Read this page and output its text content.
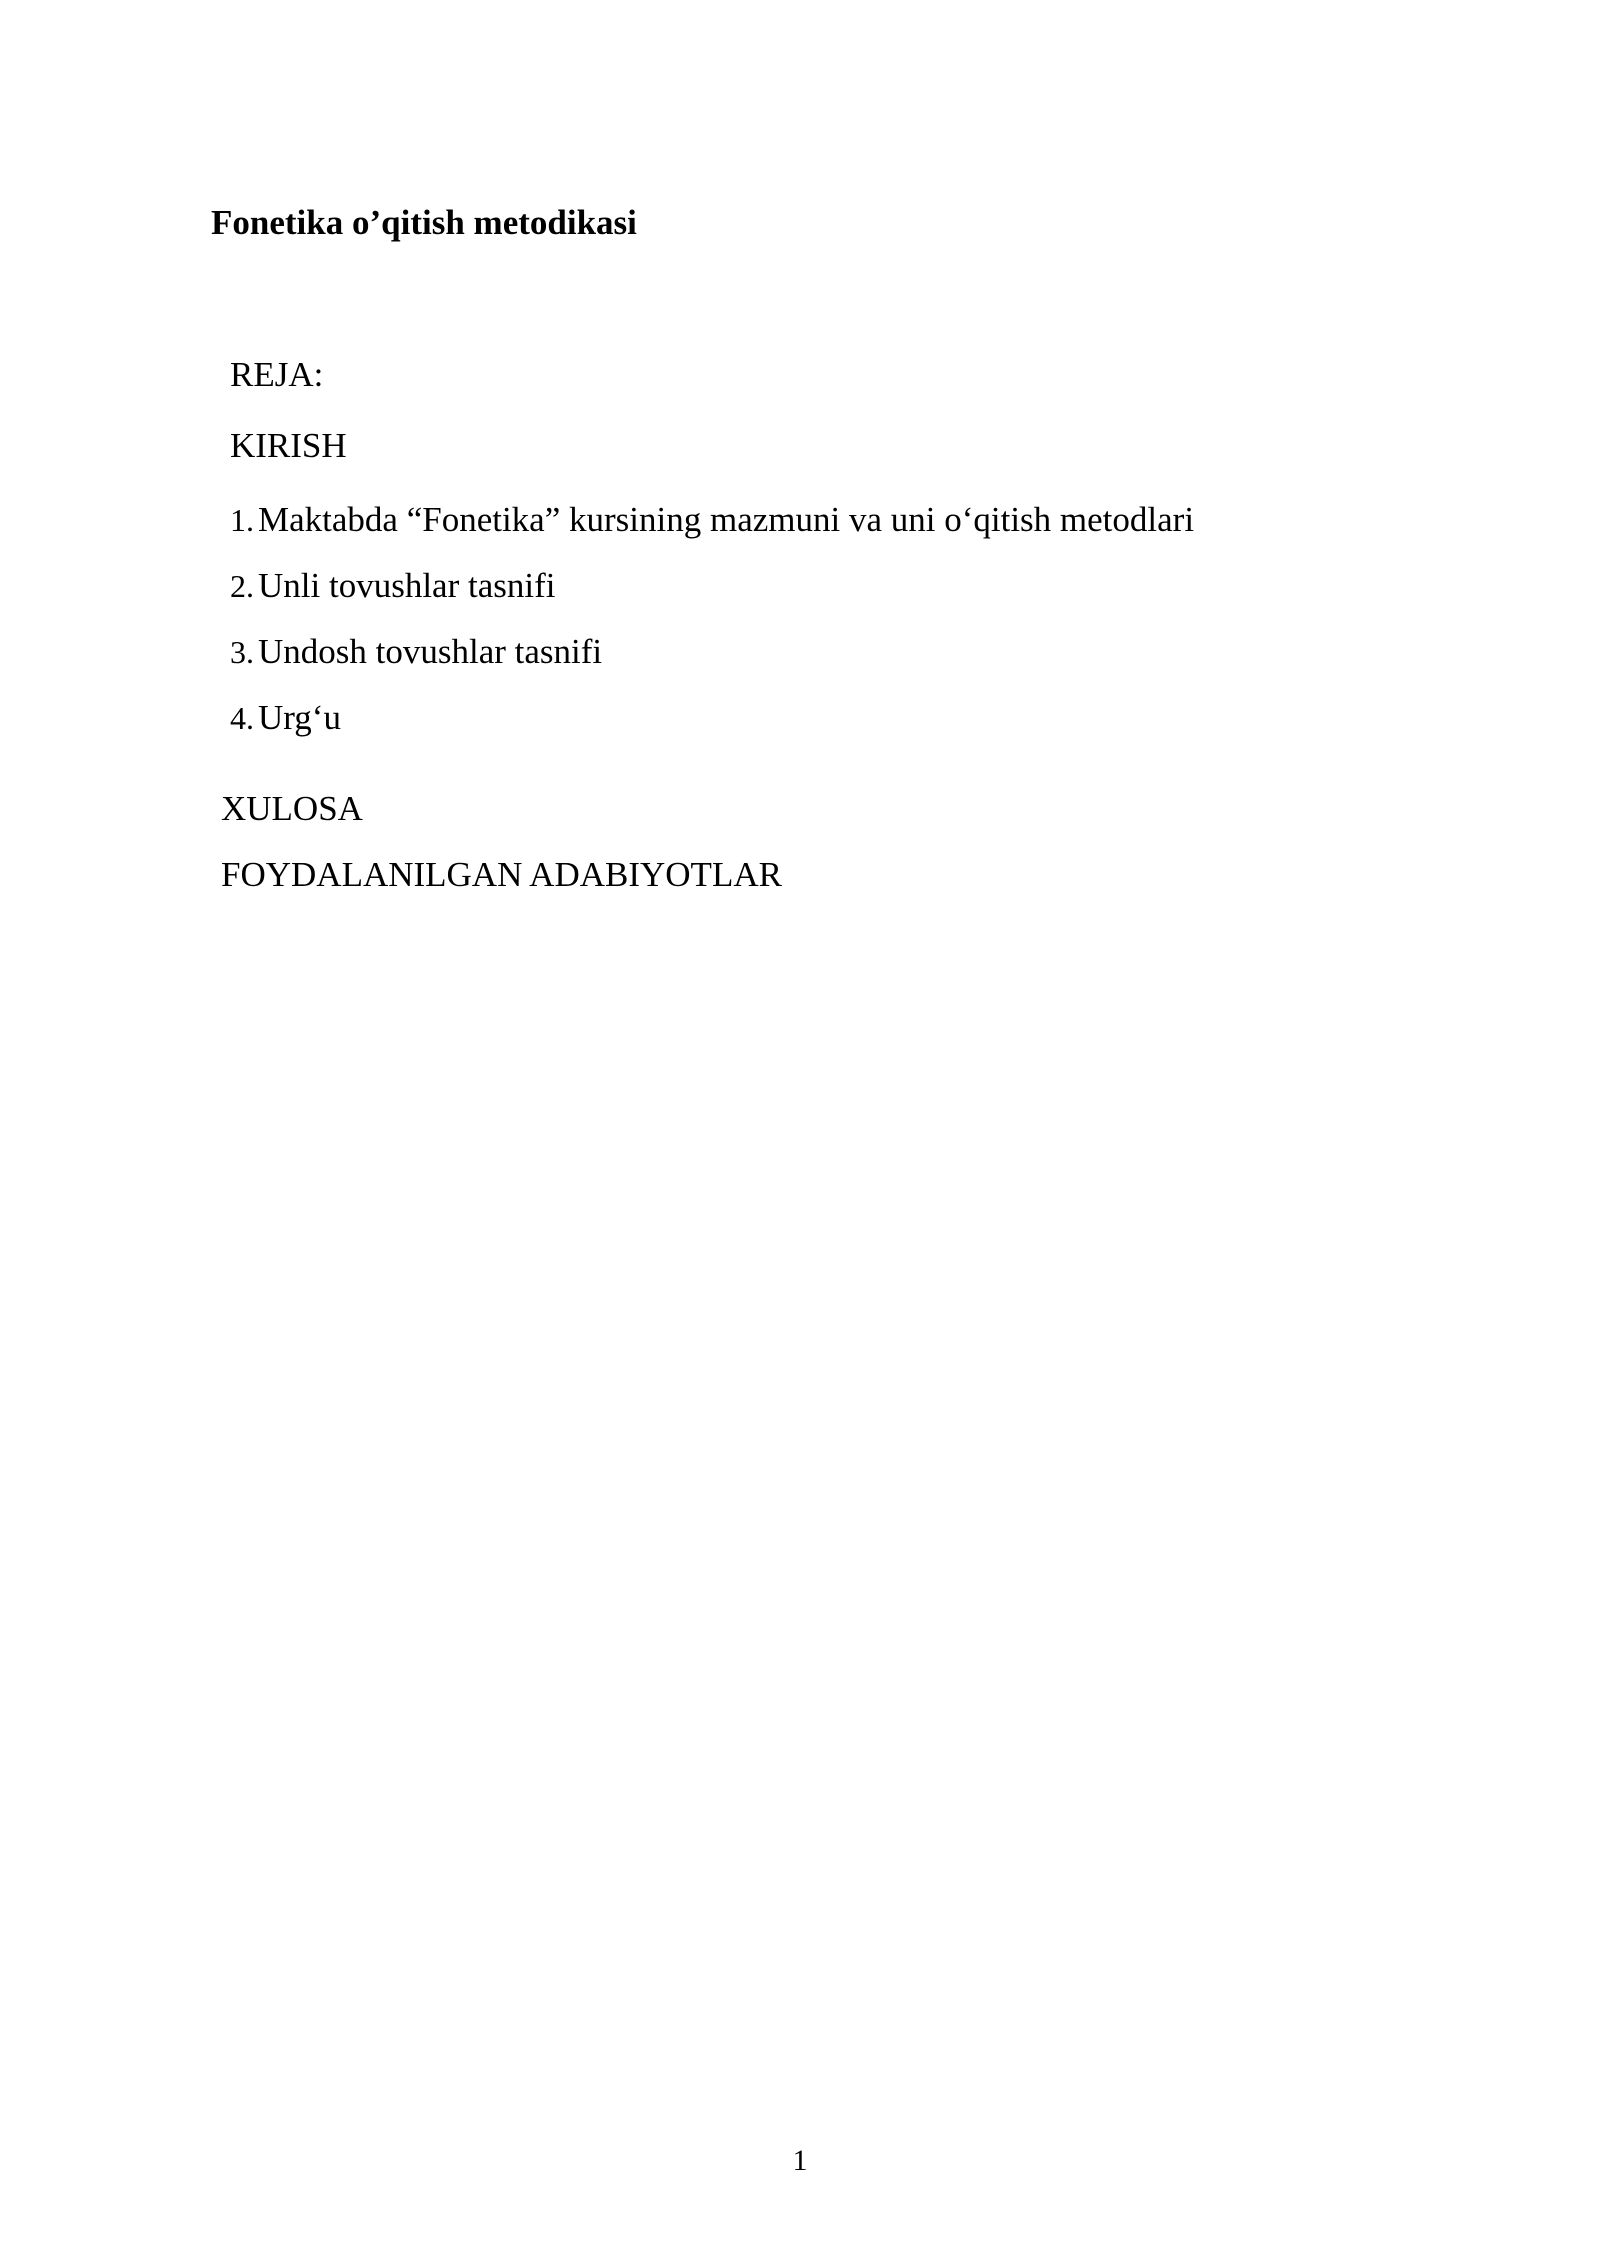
Fonetika o’qitish metodikasi
REJA:
KIRISH
1. Maktabda “Fonetika” kursining mazmuni va uni o‘qitish metodlari
2. Unli tovushlar tasnifi
3. Undosh tovushlar tasnifi
4. Urg‘u
XULOSA
FOYDALANILGAN ADABIYOTLAR
1
